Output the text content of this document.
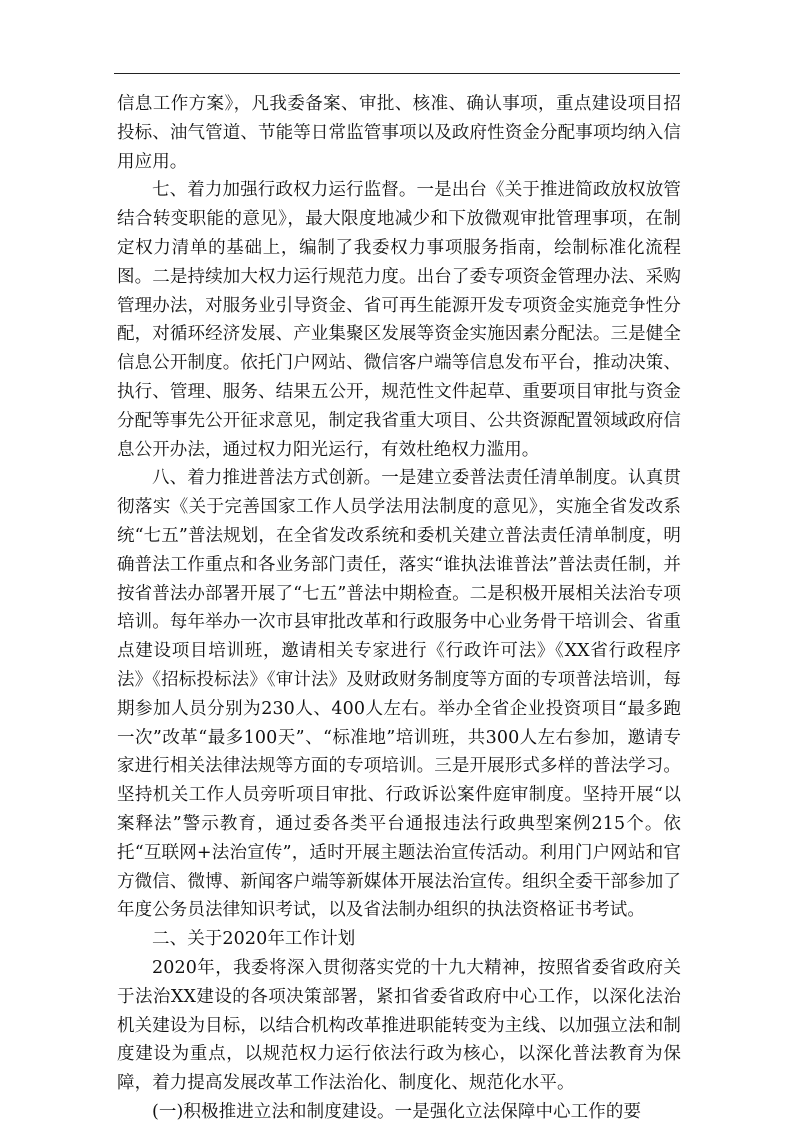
信息工作方案》，凡我委备案、审批、核准、确认事项，重点建设项目招投标、油气管道、节能等日常监管事项以及政府性资金分配事项均纳入信用应用。

七、着力加强行政权力运行监督。一是出台《关于推进简政放权放管结合转变职能的意见》，最大限度地减少和下放微观审批管理事项，在制定权力清单的基础上，编制了我委权力事项服务指南，绘制标准化流程图。二是持续加大权力运行规范力度。出台了委专项资金管理办法、采购管理办法，对服务业引导资金、省可再生能源开发专项资金实施竞争性分配，对循环经济发展、产业集聚区发展等资金实施因素分配法。三是健全信息公开制度。依托门户网站、微信客户端等信息发布平台，推动决策、执行、管理、服务、结果五公开，规范性文件起草、重要项目审批与资金分配等事先公开征求意见，制定我省重大项目、公共资源配置领域政府信息公开办法，通过权力阳光运行，有效杜绝权力滥用。

八、着力推进普法方式创新。一是建立委普法责任清单制度。认真贯彻落实《关于完善国家工作人员学法用法制度的意见》，实施全省发改系统“七五”普法规划，在全省发改系统和委机关建立普法责任清单制度，明确普法工作重点和各业务部门责任，落实“谁执法谁普法”普法责任制，并按省普法办部署开展了“七五”普法中期检查。二是积极开展相关法治专项培训。每年举办一次市县审批改革和行政服务中心业务骨干培训会、省重点建设项目培训班，邀请相关专家进行《行政许可法》《XX省行政程序法》《招标投标法》《审计法》及财政财务制度等方面的专项普法培训，每期参加人员分别为230人、400人左右。举办全省企业投资项目“最多跑一次”改革“最多100天”、“标准地”培训班，共300人左右参加，邀请专家进行相关法律法规等方面的专项培训。三是开展形式多样的普法学习。坚持机关工作人员旁听项目审批、行政诉讼案件庭审制度。坚持开展“以案释法”警示教育，通过委各类平台通报违法行政典型案例215个。依托“互联网+法治宣传”，适时开展主题法治宣传活动。利用门户网站和官方微信、微博、新闻客户端等新媒体开展法治宣传。组织全委干部参加了年度公务员法律知识考试，以及省法制办组织的执法资格证书考试。

二、关于2020年工作计划

2020年，我委将深入贯彻落实党的十九大精神，按照省委省政府关于法治XX建设的各项决策部署，紧扣省委省政府中心工作，以深化法治机关建设为目标，以结合机构改革推进职能转变为主线、以加强立法和制度建设为重点，以规范权力运行依法行政为核心，以深化普法教育为保障，着力提高发展改革工作法治化、制度化、规范化水平。

(一)积极推进立法和制度建设。一是强化立法保障中心工作的要
